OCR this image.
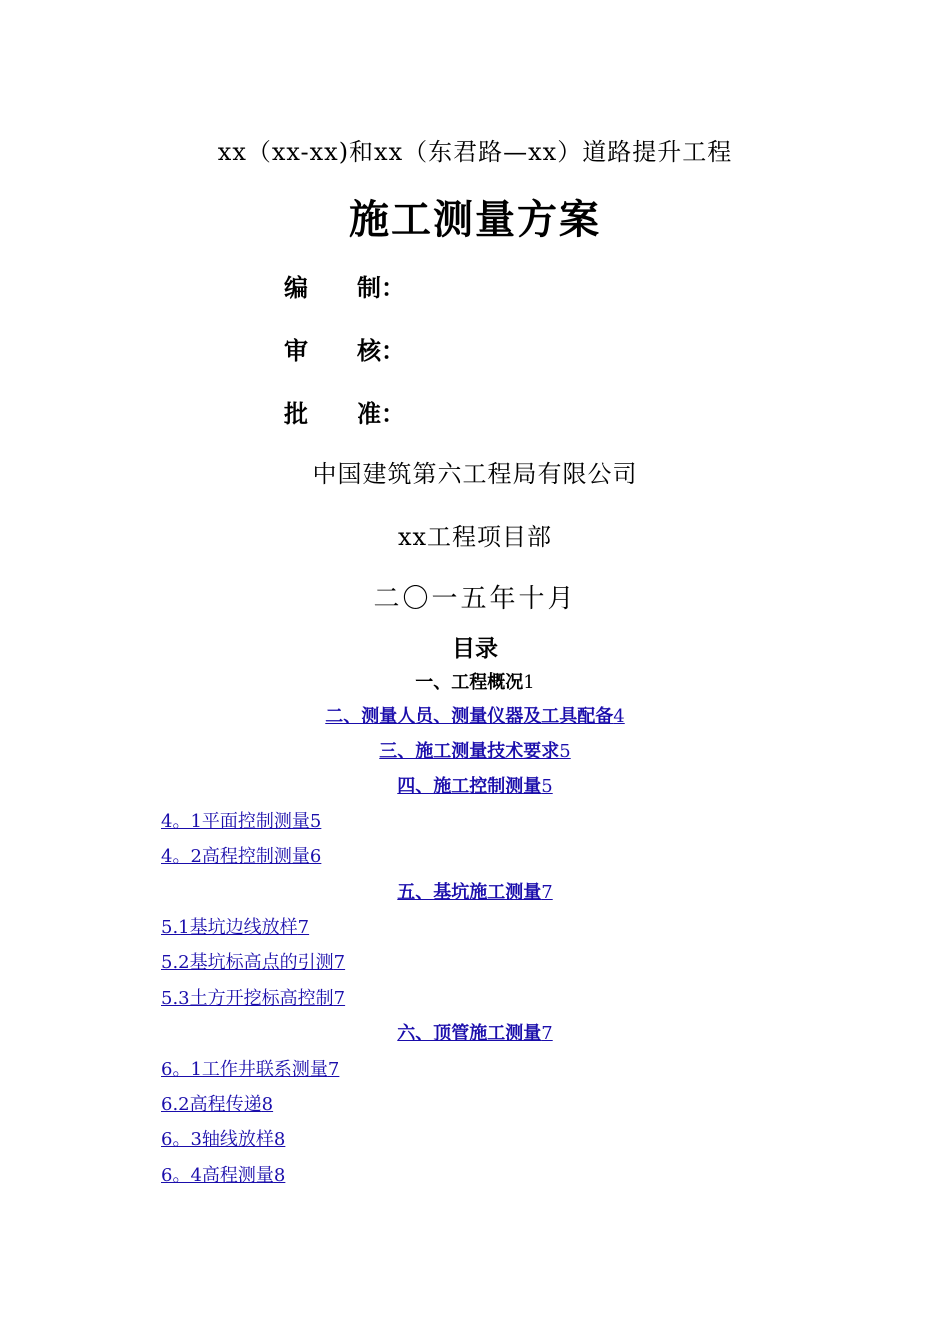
xx（xx-xx)和xx（东君路—xx）道路提升工程
施工测量方案
编 制：
审 核：
批 准：
中国建筑第六工程局有限公司
xx工程项目部
二〇一五年十月
目录
一、工程概况1
二、测量人员、测量仪器及工具配备4
三、施工测量技术要求5
四、施工控制测量5
4。1平面控制测量5
4。2高程控制测量6
五、基坑施工测量7
5.1基坑边线放样7
5.2基坑标高点的引测7
5.3土方开挖标高控制7
六、顶管施工测量7
6。1工作井联系测量7
6.2高程传递8
6。3轴线放样8
6。4高程测量8
